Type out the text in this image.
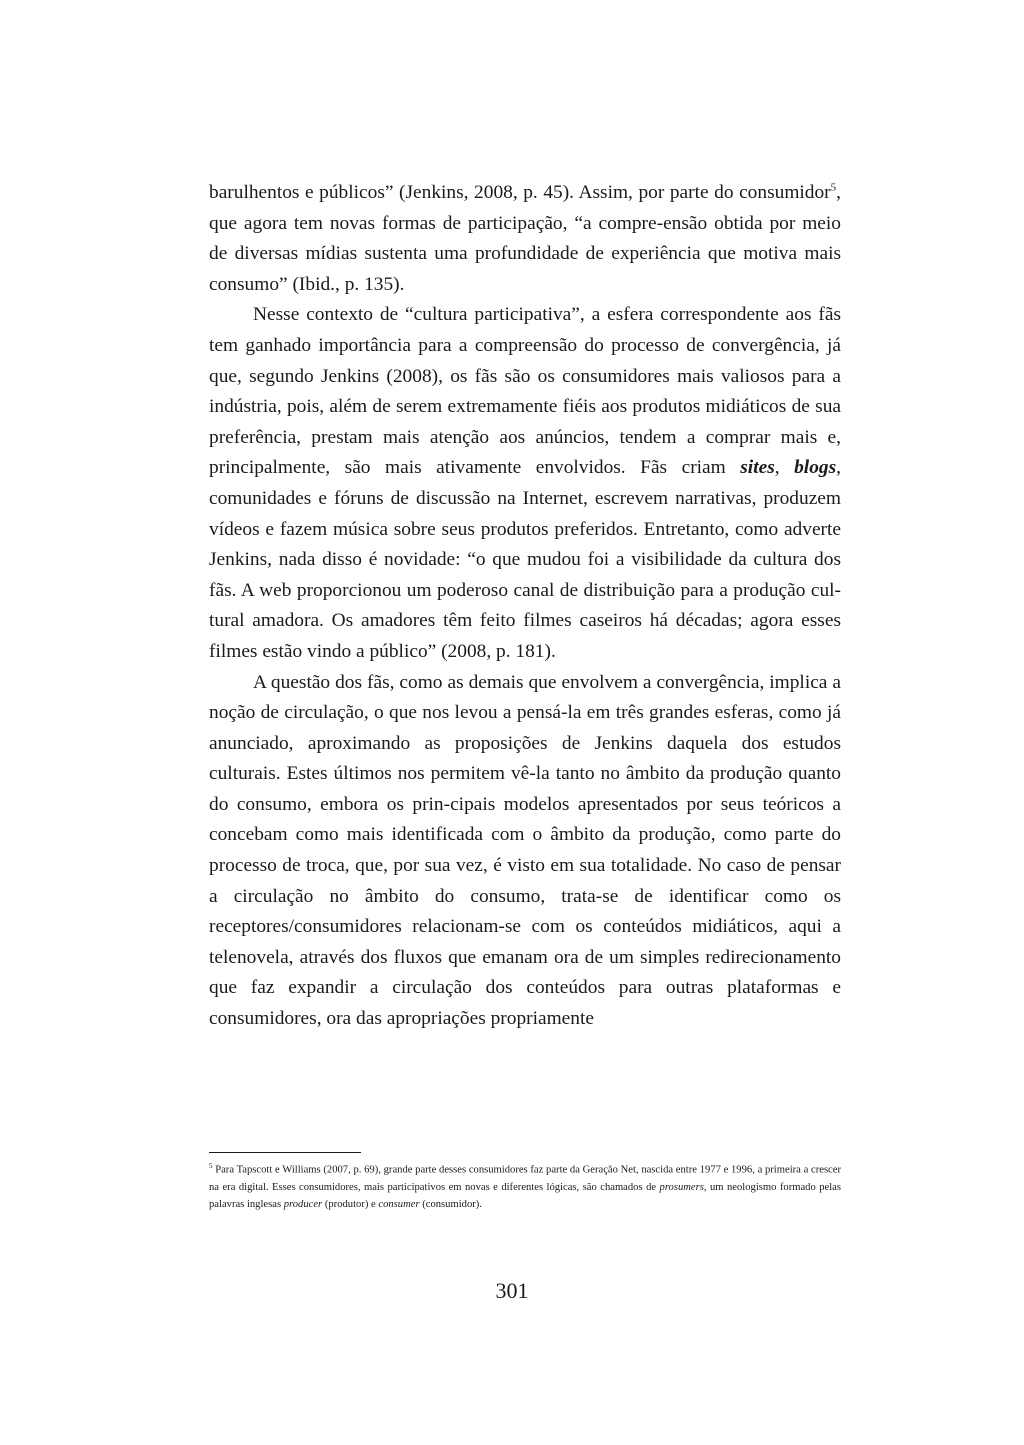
barulhentos e públicos” (Jenkins, 2008, p. 45). Assim, por parte do consumidor$^5$, que agora tem novas formas de participação, “a compre-ensão obtida por meio de diversas mídias sustenta uma profundidade de experiência que motiva mais consumo” (Ibid., p. 135).

Nesse contexto de “cultura participativa”, a esfera correspondente aos fãs tem ganhado importância para a compreensão do processo de convergência, já que, segundo Jenkins (2008), os fãs são os consumidores mais valiosos para a indústria, pois, além de serem extremamente fiéis aos produtos midiáticos de sua preferência, prestam mais atenção aos anúncios, tendem a comprar mais e, principalmente, são mais ativamente envolvidos. Fãs criam sites, blogs, comunidades e fóruns de discussão na Internet, escrevem narrativas, produzem vídeos e fazem música sobre seus produtos preferidos. Entretanto, como adverte Jenkins, nada disso é novidade: “o que mudou foi a visibilidade da cultura dos fãs. A web proporcionou um poderoso canal de distribuição para a produção cul-tural amadora. Os amadores têm feito filmes caseiros há décadas; agora esses filmes estão vindo a público” (2008, p. 181).

A questão dos fãs, como as demais que envolvem a convergência, implica a noção de circulação, o que nos levou a pensá-la em três grandes esferas, como já anunciado, aproximando as proposições de Jenkins daquela dos estudos culturais. Estes últimos nos permitem vê-la tanto no âmbito da produção quanto do consumo, embora os prin-cipais modelos apresentados por seus teóricos a concebam como mais identificada com o âmbito da produção, como parte do processo de troca, que, por sua vez, é visto em sua totalidade. No caso de pensar a circulação no âmbito do consumo, trata-se de identificar como os receptores/consumidores relacionam-se com os conteúdos midiáticos, aqui a telenovela, através dos fluxos que emanam ora de um simples redirecionamento que faz expandir a circulação dos conteúdos para outras plataformas e consumidores, ora das apropriações propriamente

$^5$ Para Tapscott e Williams (2007, p. 69), grande parte desses consumidores faz parte da Geração Net, nascida entre 1977 e 1996, a primeira a crescer na era digital. Esses consumidores, mais participativos em novas e diferentes lógicas, são chamados de prosumers, um neologismo formado pelas palavras inglesas producer (produtor) e consumer (consumidor).

301
